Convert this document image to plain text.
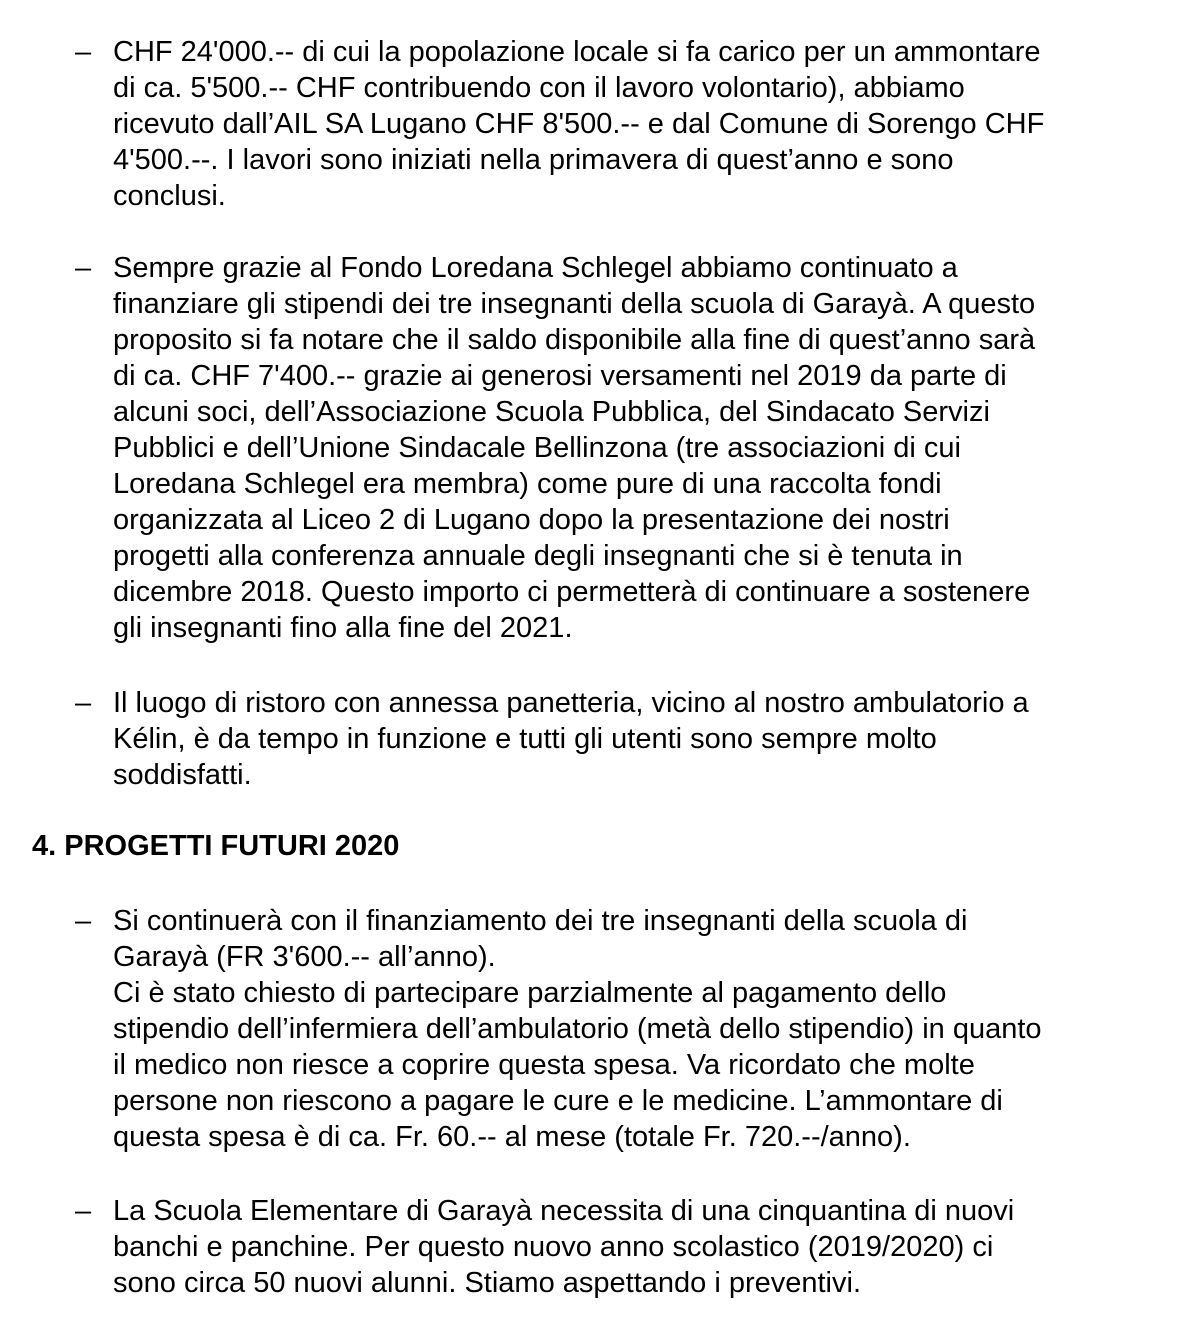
– CHF 24'000.-- di cui la popolazione locale si fa carico per un ammontare
di ca. 5'500.-- CHF contribuendo con il lavoro volontario), abbiamo
ricevuto dall’AIL SA Lugano CHF 8'500.-- e dal Comune di Sorengo CHF
4'500.--. I lavori sono iniziati nella primavera di quest’anno e sono
conclusi.
– Sempre grazie al Fondo Loredana Schlegel abbiamo continuato a
finanziare gli stipendi dei tre insegnanti della scuola di Garayà. A questo
proposito si fa notare che il saldo disponibile alla fine di quest’anno sarà
di ca. CHF 7'400.-- grazie ai generosi versamenti nel 2019 da parte di
alcuni soci, dell’Associazione Scuola Pubblica, del Sindacato Servizi
Pubblici e dell’Unione Sindacale Bellinzona (tre associazioni di cui
Loredana Schlegel era membra) come pure di una raccolta fondi
organizzata al Liceo 2 di Lugano dopo la presentazione dei nostri
progetti alla conferenza annuale degli insegnanti che si è tenuta in
dicembre 2018. Questo importo ci permetterà di continuare a sostenere
gli insegnanti fino alla fine del 2021.
– Il luogo di ristoro con annessa panetteria, vicino al nostro ambulatorio a
Kélin, è da tempo in funzione e tutti gli utenti sono sempre molto
soddisfatti.
4. PROGETTI FUTURI 2020
– Si continuerà con il finanziamento dei tre insegnanti della scuola di
Garayà (FR 3'600.-- all’anno).
Ci è stato chiesto di partecipare parzialmente al pagamento dello
stipendio dell’infermiera dell’ambulatorio (metà dello stipendio) in quanto
il medico non riesce a coprire questa spesa. Va ricordato che molte
persone non riescono a pagare le cure e le medicine. L’ammontare di
questa spesa è di ca. Fr. 60.-- al mese (totale Fr. 720.--/anno).
– La Scuola Elementare di Garayà necessita di una cinquantina di nuovi
banchi e panchine. Per questo nuovo anno scolastico (2019/2020) ci
sono circa 50 nuovi alunni. Stiamo aspettando i preventivi.
